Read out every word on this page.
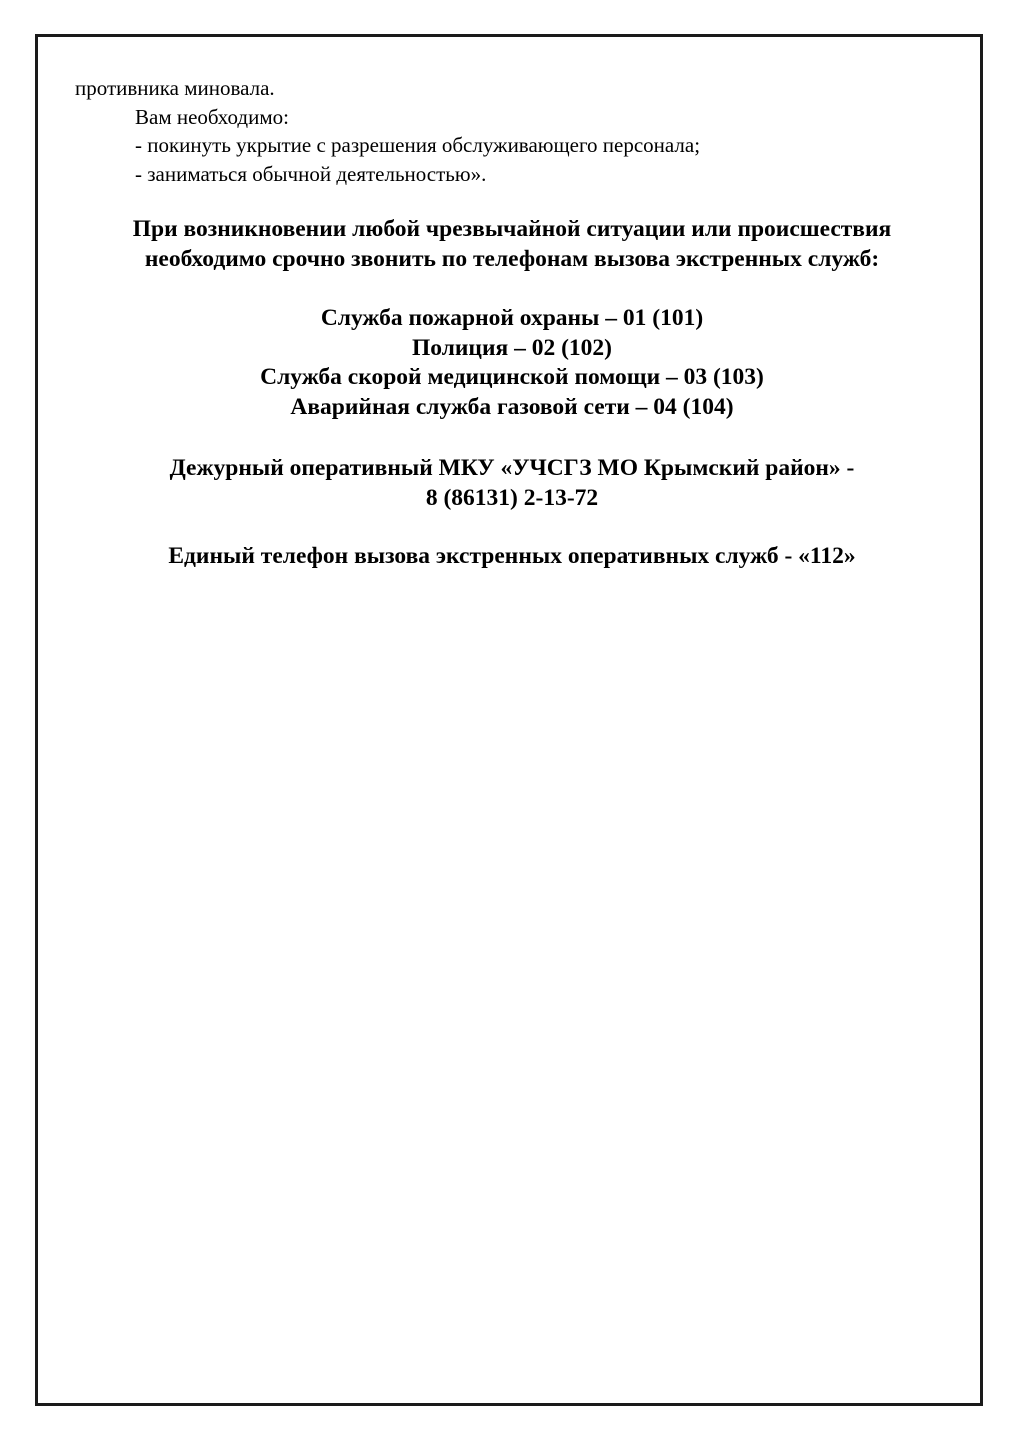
противника миновала.

Вам необходимо:

- покинуть укрытие с разрешения обслуживающего персонала;

- заниматься обычной деятельностью».

При возникновении любой чрезвычайной ситуации или происшествия

необходимо срочно звонить по телефонам вызова экстренных служб:

Служба пожарной охраны – 01 (101)

Полиция – 02 (102)

Служба скорой медицинской помощи – 03 (103)

Аварийная служба газовой сети – 04 (104)

Дежурный оперативный МКУ «УЧСГЗ МО Крымский район» -

8 (86131) 2-13-72

Единый телефон вызова экстренных оперативных служб - «112»
